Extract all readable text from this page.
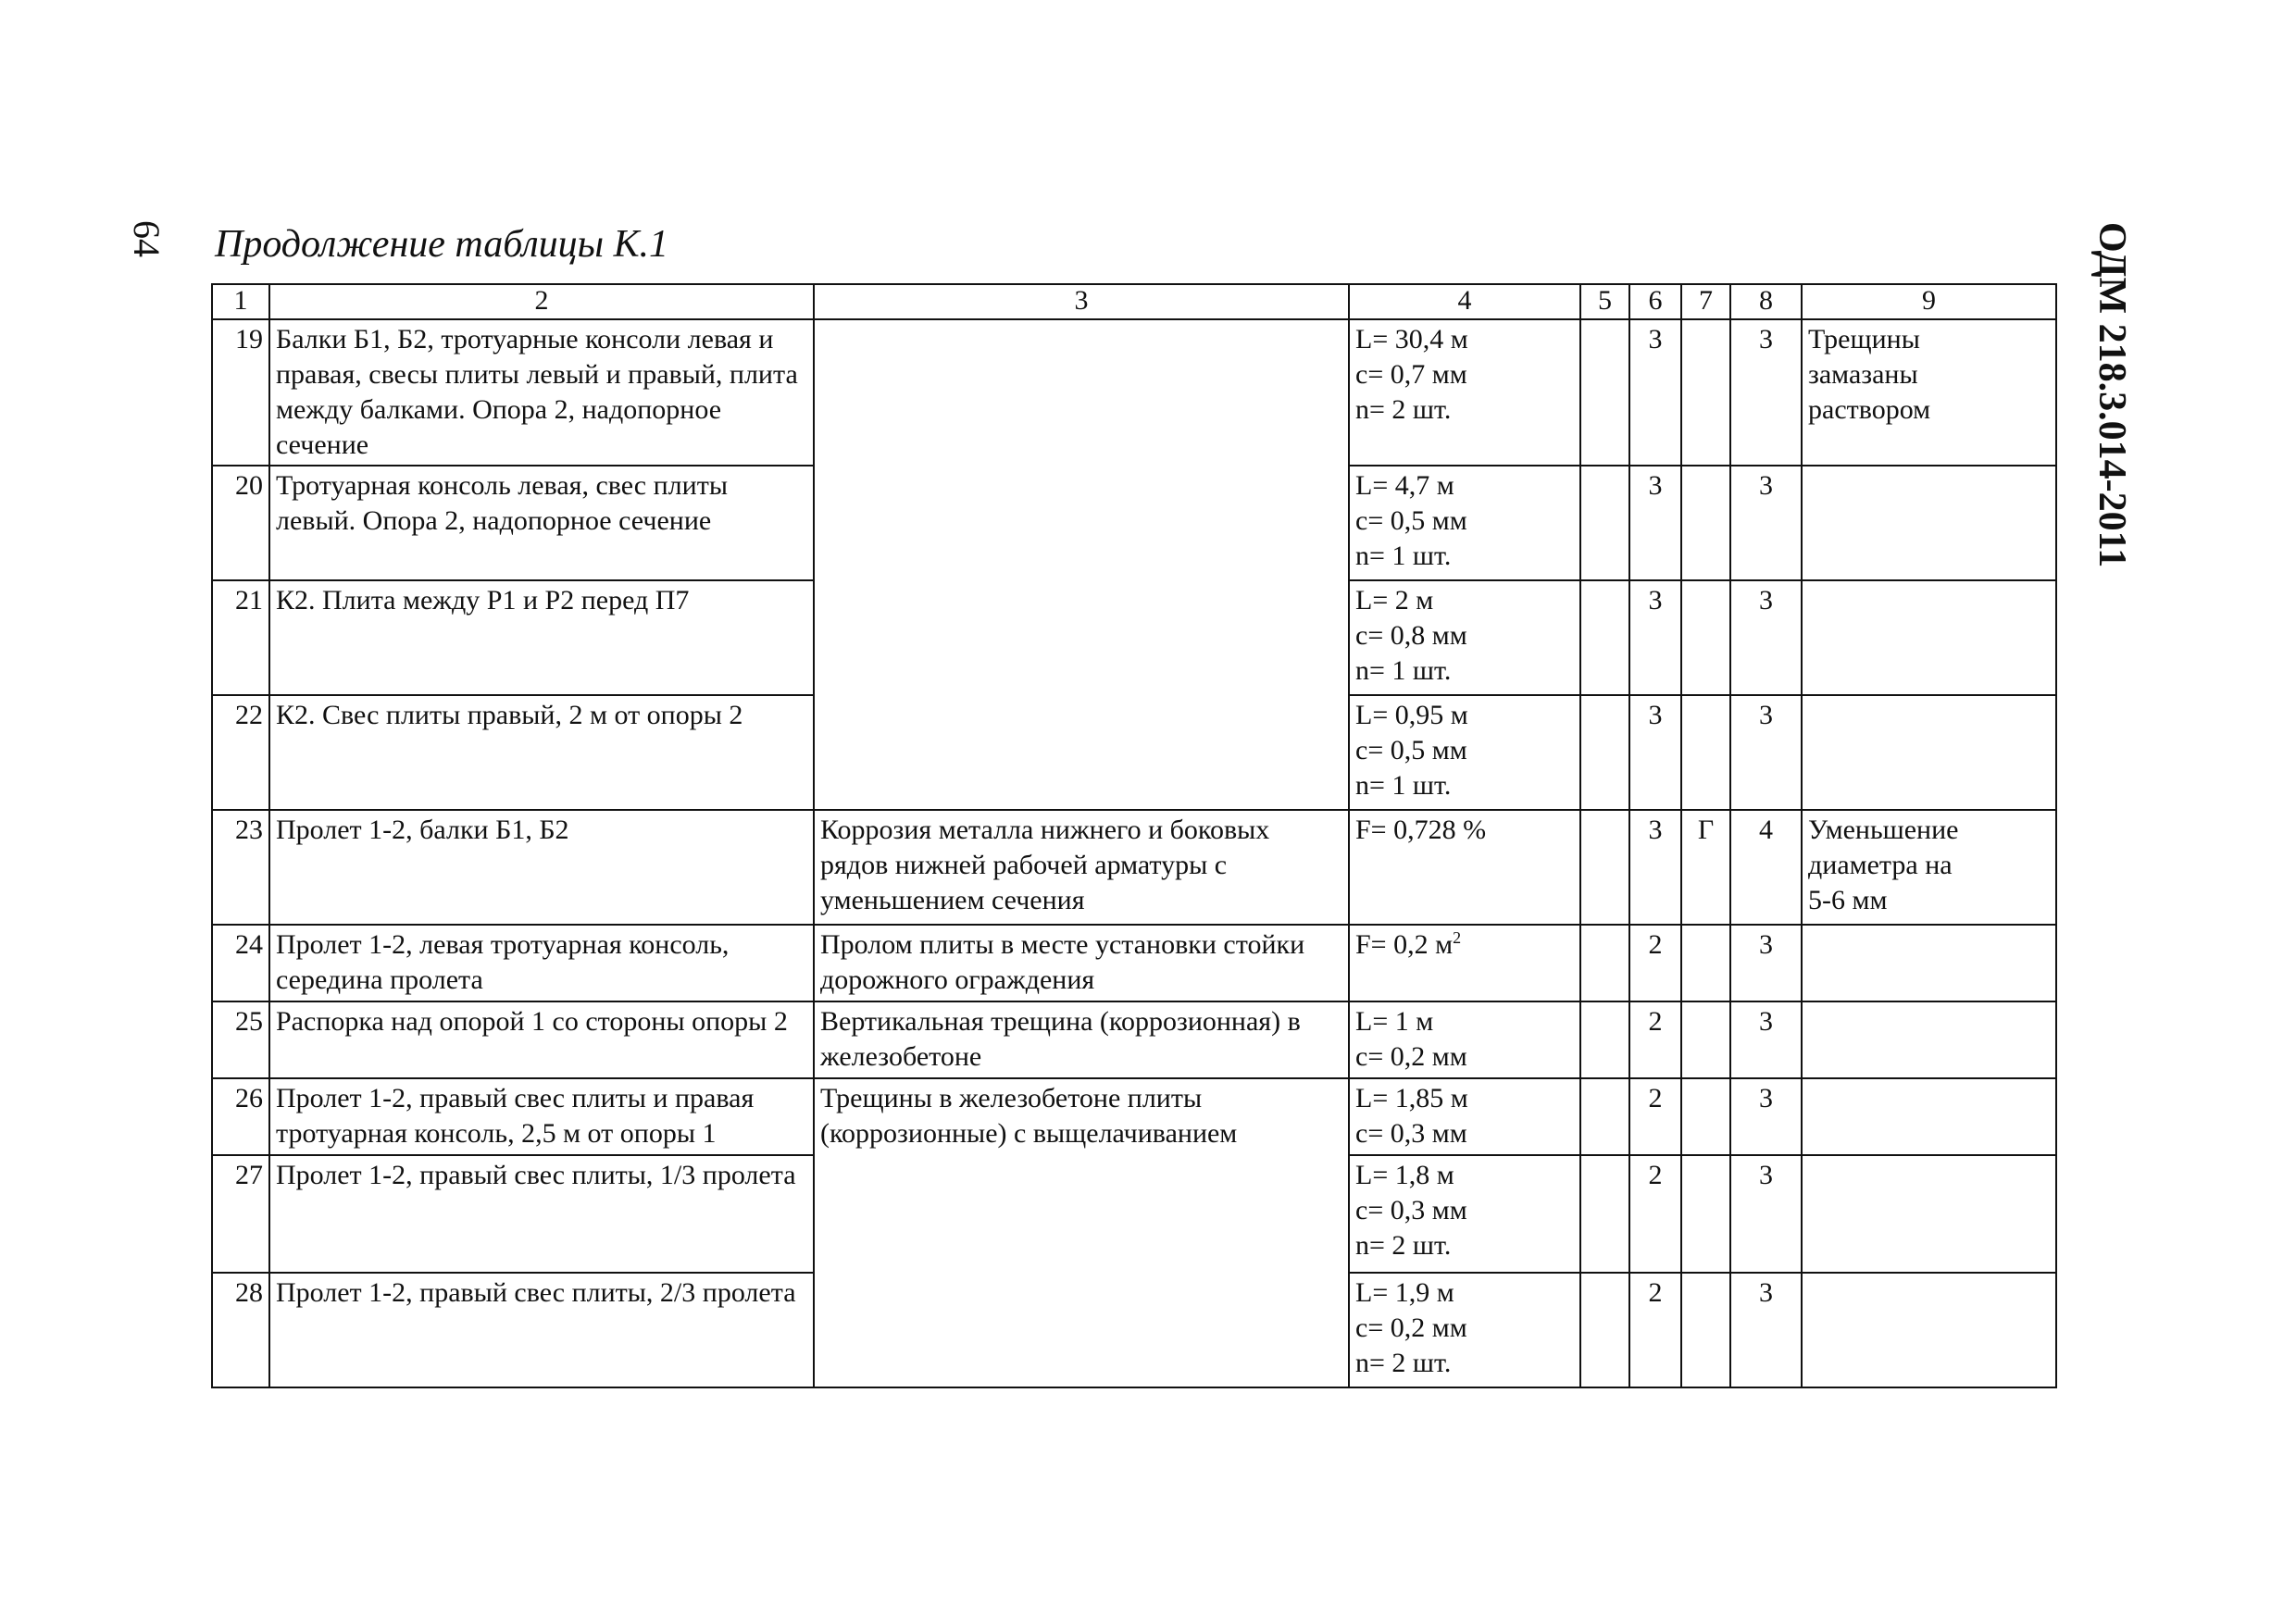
64 Продолжение таблицы К.1	ОДМ 218.3.014-2011
1	2	3	4	5	6	7	8	9
19	Балки Б1, Б2, тротуарные консоли левая и правая, свесы плиты левый и правый, плита между балками. Опора 2, надопорное сечение		L= 30,4 м
c= 0,7 мм
n= 2 шт.		3		3	Трещины
замазаны
раствором
20	Тротуарная консоль левая, свес плиты левый. Опора 2, надопорное сечение		L= 4,7 м
c= 0,5 мм
n= 1 шт.		3		3	
21	К2. Плита между Р1 и Р2 перед П7		L= 2 м
c= 0,8 мм
n= 1 шт.		3		3	
22	К2. Свес плиты правый, 2 м от опоры 2		L= 0,95 м
c= 0,5 мм
n= 1 шт.		3		3	
23	Пролет 1-2, балки Б1, Б2	Коррозия металла нижнего и боковых рядов нижней рабочей арматуры с уменьшением сечения	F= 0,728 %		3	Г	4	Уменьшение
диаметра на
5-6 мм
24	Пролет 1-2, левая тротуарная консоль, середина пролета	Пролом плиты в месте установки стойки дорожного ограждения	F= 0,2 $м^2$		2		3	
25	Распорка над опорой 1 со стороны опоры 2	Вертикальная трещина (коррозионная) в железобетоне	L= 1 м
c= 0,2 мм		2		3	
26	Пролет 1-2, правый свес плиты и правая тротуарная консоль, 2,5 м от опоры 1	Трещины в железобетоне плиты (коррозионные) с выщелачиванием	L= 1,85 м
c= 0,3 мм		2		3	
27	Пролет 1-2, правый свес плиты, 1/3 пролета		L= 1,8 м
c= 0,3 мм
n= 2 шт.		2		3	
28	Пролет 1-2, правый свес плиты, 2/3 пролета		L= 1,9 м
c= 0,2 мм
n= 2 шт.		2		3	
